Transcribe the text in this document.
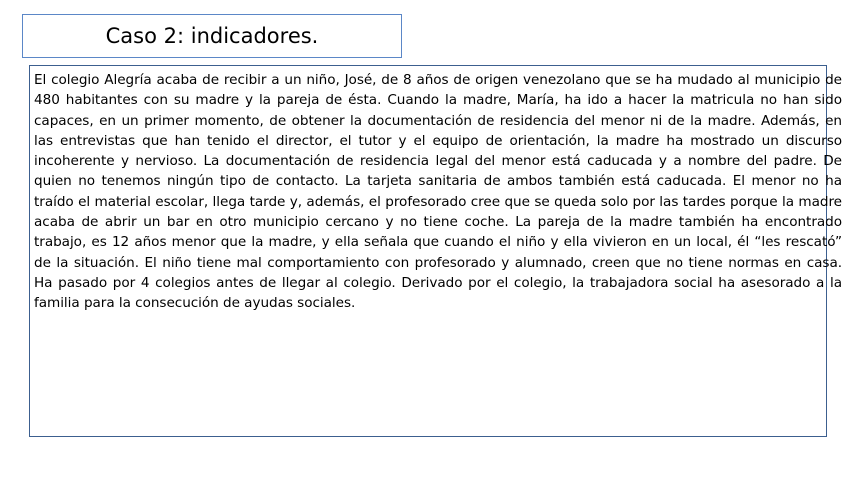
Caso 2: indicadores.

El colegio Alegría acaba de recibir a un niño, José, de 8 años de origen venezolano que se ha mudado al municipio de 480 habitantes con su madre y la pareja de ésta. Cuando la madre, María, ha ido a hacer la matricula no han sido capaces, en un primer momento, de obtener la documentación de residencia del menor ni de la madre. Además, en las entrevistas que han tenido el director, el tutor y el equipo de orientación, la madre ha mostrado un discurso incoherente y nervioso. La documentación de residencia legal del menor está caducada y a nombre del padre. De quien no tenemos ningún tipo de contacto. La tarjeta sanitaria de ambos también está caducada. El menor no ha traído el material escolar, llega tarde y, además, el profesorado cree que se queda solo por las tardes porque la madre acaba de abrir un bar en otro municipio cercano y no tiene coche. La pareja de la madre también ha encontrado trabajo, es 12 años menor que la madre, y ella señala que cuando el niño y ella vivieron en un local, él “les rescató” de la situación. El niño tiene mal comportamiento con profesorado y alumnado, creen que no tiene normas en casa. Ha pasado por 4 colegios antes de llegar al colegio. Derivado por el colegio, la trabajadora social ha asesorado a la familia para la consecución de ayudas sociales.
